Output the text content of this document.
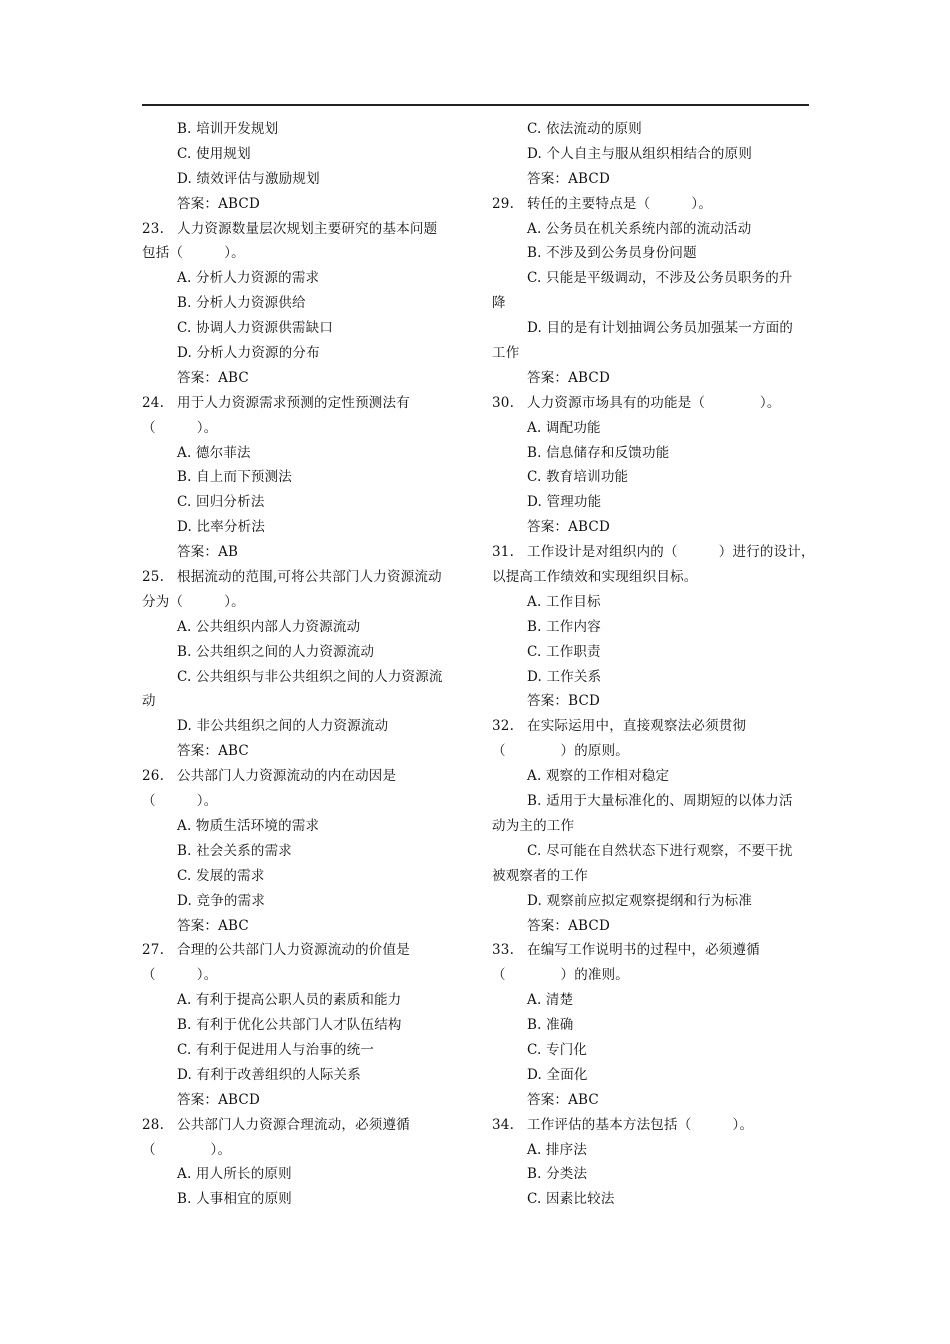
B. 培训开发规划
C. 使用规划
D. 绩效评估与激励规划
答案：ABCD
23. 人力资源数量层次规划主要研究的基本问题
包括（　　　）。
A. 分析人力资源的需求
B. 分析人力资源供给
C. 协调人力资源供需缺口
D. 分析人力资源的分布
答案：ABC
24. 用于人力资源需求预测的定性预测法有
（　　　）。
A. 德尔菲法
B. 自上而下预测法
C. 回归分析法
D. 比率分析法
答案：AB
25. 根据流动的范围,可将公共部门人力资源流动
分为（　　　）。
A. 公共组织内部人力资源流动
B. 公共组织之间的人力资源流动
C. 公共组织与非公共组织之间的人力资源流
动
D. 非公共组织之间的人力资源流动
答案：ABC
26. 公共部门人力资源流动的内在动因是
（　　　）。
A. 物质生活环境的需求
B. 社会关系的需求
C. 发展的需求
D. 竞争的需求
答案：ABC
27. 合理的公共部门人力资源流动的价值是
（　　　）。
A. 有利于提高公职人员的素质和能力
B. 有利于优化公共部门人才队伍结构
C. 有利于促进用人与治事的统一
D. 有利于改善组织的人际关系
答案：ABCD
28. 公共部门人力资源合理流动，必须遵循
（　　　　）。
A. 用人所长的原则
B. 人事相宜的原则
C. 依法流动的原则
D. 个人自主与服从组织相结合的原则
答案：ABCD
29. 转任的主要特点是（　　　）。
A. 公务员在机关系统内部的流动活动
B. 不涉及到公务员身份问题
C. 只能是平级调动，不涉及公务员职务的升
降
D. 目的是有计划抽调公务员加强某一方面的
工作
答案：ABCD
30. 人力资源市场具有的功能是（　　　　）。
A. 调配功能
B. 信息储存和反馈功能
C. 教育培训功能
D. 管理功能
答案：ABCD
31. 工作设计是对组织内的（　　　）进行的设计，
以提高工作绩效和实现组织目标。
A. 工作目标
B. 工作内容
C. 工作职责
D. 工作关系
答案：BCD
32. 在实际运用中，直接观察法必须贯彻
（　　　　）的原则。
A. 观察的工作相对稳定
B. 适用于大量标准化的、周期短的以体力活
动为主的工作
C. 尽可能在自然状态下进行观察，不要干扰
被观察者的工作
D. 观察前应拟定观察提纲和行为标准
答案：ABCD
33. 在编写工作说明书的过程中，必须遵循
（　　　　）的准则。
A. 清楚
B. 准确
C. 专门化
D. 全面化
答案：ABC
34. 工作评估的基本方法包括（　　　）。
A. 排序法
B. 分类法
C. 因素比较法
